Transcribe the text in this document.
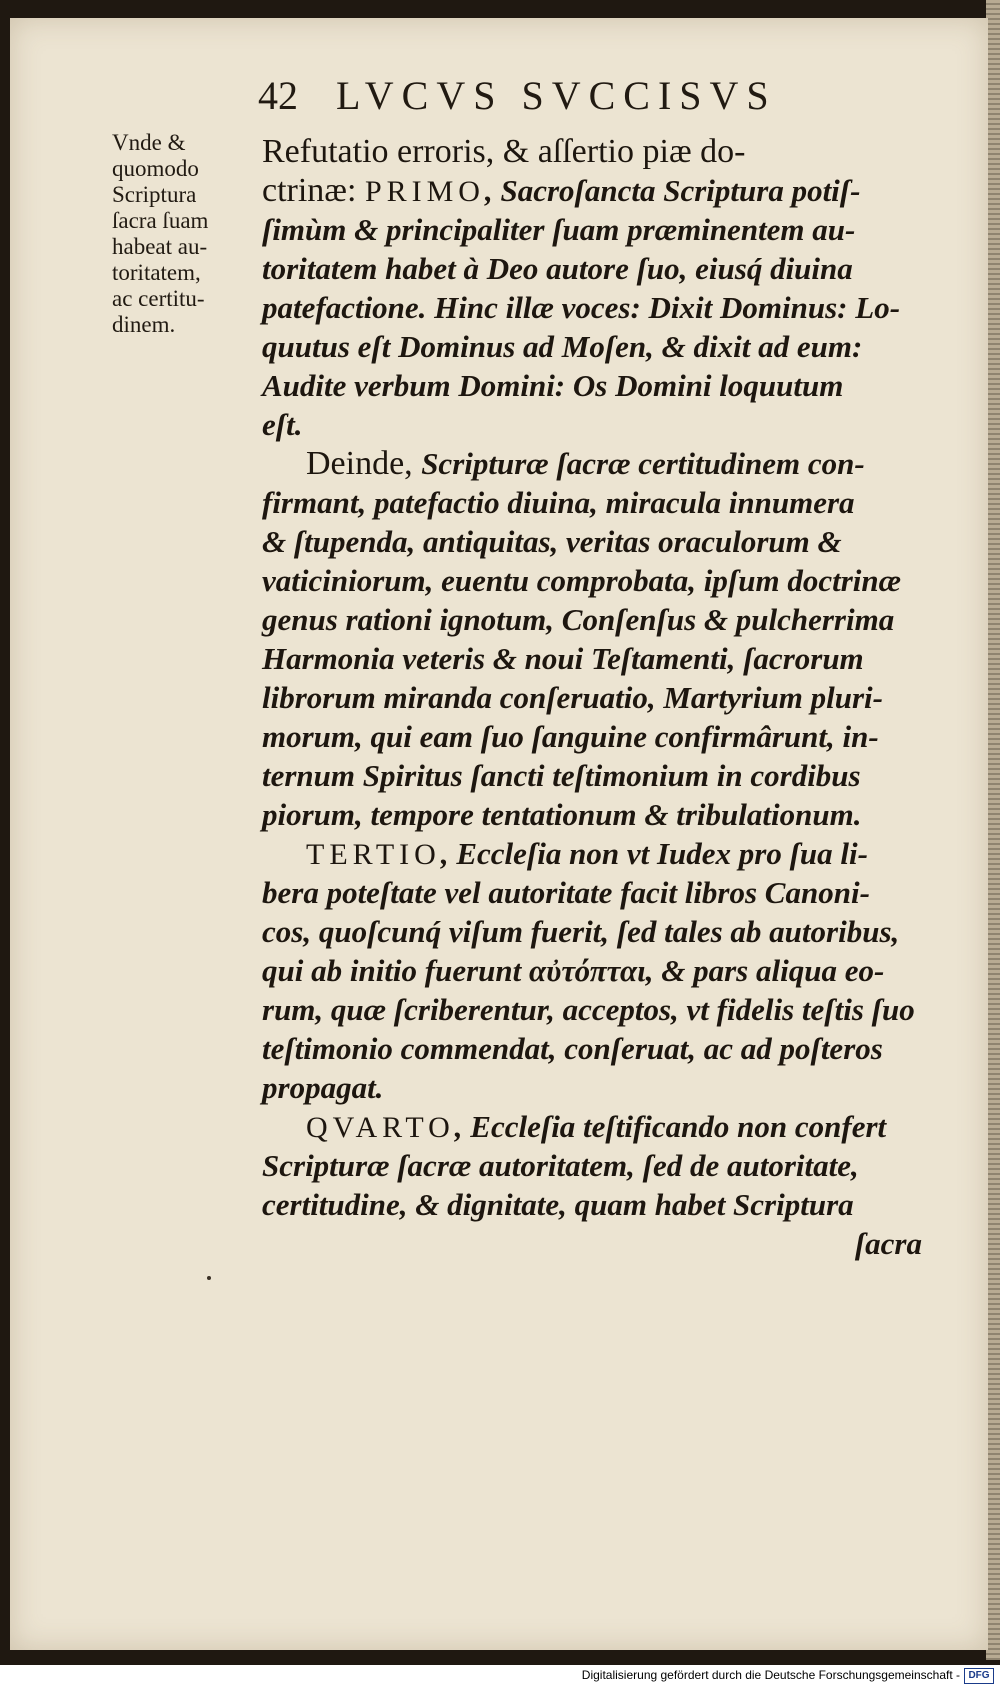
42 LVCVS SVCCISVS
Vnde &
quomodo
Scriptura
ſacra ſuam
habeat au-
toritatem,
ac certitu-
dinem.
Refutatio erroris, & aſſertio piæ do-
ctrinæ: PRIMO, Sacroſancta Scriptura potiſ-
ſimùm & principaliter ſuam præminentem au-
toritatem habet à Deo autore ſuo, eiusq́ diuina
patefactione. Hinc illæ voces: Dixit Dominus: Lo-
quutus eſt Dominus ad Moſen, & dixit ad eum:
Audite verbum Domini: Os Domini loquutum
eſt.
Deinde, Scripturæ ſacræ certitudinem con-
firmant, patefactio diuina, miracula innumera
& ſtupenda, antiquitas, veritas oraculorum &
vaticiniorum, euentu comprobata, ipſum doctrinæ
genus rationi ignotum, Conſenſus & pulcherrima
Harmonia veteris & noui Teſtamenti, ſacrorum
librorum miranda conſeruatio, Martyrium pluri-
morum, qui eam ſuo ſanguine confirmârunt, in-
ternum Spiritus ſancti teſtimonium in cordibus
piorum, tempore tentationum & tribulationum.
TERTIO, Eccleſia non vt Iudex pro ſua li-
bera poteſtate vel autoritate facit libros Canoni-
cos, quoſcunq́ viſum fuerit, ſed tales ab autoribus,
qui ab initio fuerunt αὐτόπται, & pars aliqua eo-
rum, quæ ſcriberentur, acceptos, vt fidelis teſtis ſuo
teſtimonio commendat, conſeruat, ac ad poſteros
propagat.
QVARTO, Eccleſia teſtificando non confert
Scripturæ ſacræ autoritatem, ſed de autoritate,
certitudine, & dignitate, quam habet Scriptura
ſacra
Digitalisierung gefördert durch die Deutsche Forschungsgemeinschaft - DFG
